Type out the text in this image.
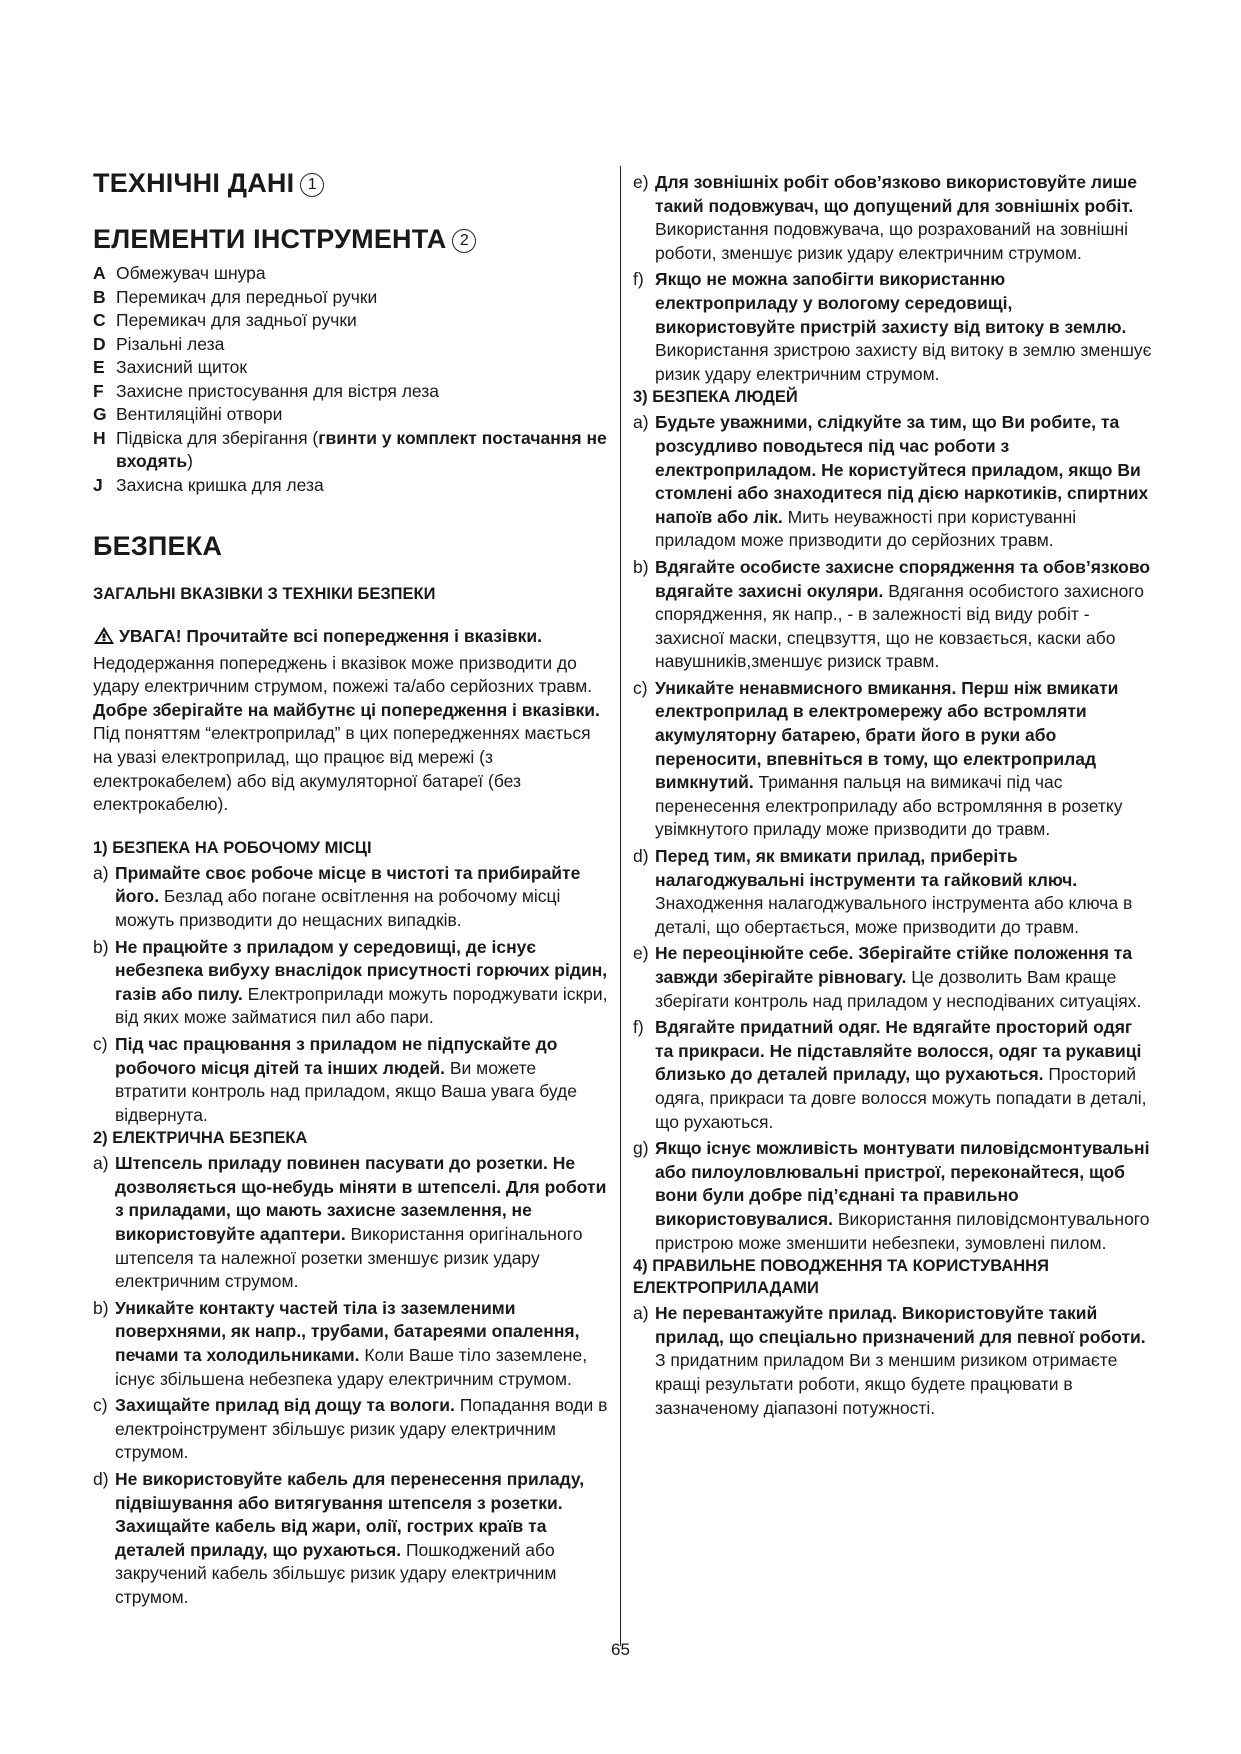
ТЕХНІЧНІ ДАНІ 1
ЕЛЕМЕНТИ ІНСТРУМЕНТА 2
A Обмежувач шнура
B Перемикач для передньої ручки
C Перемикач для задньої ручки
D Різальні леза
E Захисний щиток
F Захисне пристосування для вістря леза
G Вентиляційні отвори
H Підвіска для зберігання (гвинти у комплект постачання не входять)
J Захисна кришка для леза
БЕЗПЕКА
ЗАГАЛЬНІ ВКАЗІВКИ З ТЕХНІКИ БЕЗПЕКИ

УВАГА! Прочитайте всі попередження і вказівки. Недодержання попереджень і вказівок може призводити до удару електричним струмом, пожежі та/або серйозних травм. Добре зберігайте на майбутнє ці попередження і вказівки. Під поняттям “електроприлад” в цих попередженнях мається на увазі електроприлад, що працює від мережі (з електрокабелем) або від акумуляторної батареї (без електрокабелю).

1) БЕЗПЕКА НА РОБОЧОМУ МІСЦІ
a) Примайте своє робоче місце в чистоті та прибирайте його. Безлад або погане освітлення на робочому місці можуть призводити до нещасних випадків.
b) Не працюйте з приладом у середовищі, де існує небезпека вибуху внаслідок присутності горючих рідин, газів або пилу. Електроприлади можуть породжувати іскри, від яких може займатися пил або пари.
c) Під час працювання з приладом не підпускайте до робочого місця дітей та інших людей. Ви можете втратити контроль над приладом, якщо Ваша увага буде відвернута.
2) ЕЛЕКТРИЧНА БЕЗПЕКА
a) Штепсель приладу повинен пасувати до розетки. Не дозволяється що-небудь міняти в штепселі. Для роботи з приладами, що мають захисне заземлення, не використовуйте адаптери. Використання оригінального штепселя та належної розетки зменшує ризик удару електричним струмом.
b) Уникайте контакту частей тіла із заземленими поверхнями, як напр., трубами, батареями опалення, печами та холодильниками. Коли Ваше тіло заземлене, існує збільшена небезпека удару електричним струмом.
c) Захищайте прилад від дощу та вологи. Попадання води в електроінструмент збільшує ризик удару електричним струмом.
d) Не використовуйте кабель для перенесення приладу, підвішування або витягування штепселя з розетки. Захищайте кабель від жари, олії, гострих країв та деталей приладу, що рухаються. Пошкоджений або закручений кабель збільшує ризик удару електричним струмом.
e) Для зовнішніх робіт обов’язково використовуйте лише такий подовжувач, що допущений для зовнішніх робіт. Використання подовжувача, що розрахований на зовнішні роботи, зменшує ризик удару електричним струмом.
f) Якщо не можна запобігти використанню електроприладу у вологому середовищі, використовуйте пристрій захисту від витоку в землю. Використання зристрою захисту від витоку в землю зменшує ризик удару електричним струмом.
3) БЕЗПЕКА ЛЮДЕЙ
a) Будьте уважними, слідкуйте за тим, що Ви робите, та розсудливо поводьтеся під час роботи з електроприладом. Не користуйтеся приладом, якщо Ви стомлені або знаходитеся під дією наркотиків, спиртних напоїв або лік. Мить неуважності при користуванні приладом може призводити до серйозних травм.
b) Вдягайте особисте захисне спорядження та обов’язково вдягайте захисні окуляри. Вдягання особистого захисного спорядження, як напр., - в залежності від виду робіт - захисної маски, спецвзуття, що не ковзається, каски або навушників,зменшує ризиск травм.
c) Уникайте ненавмисного вмикання. Перш ніж вмикати електроприлад в електромережу або встромляти акумуляторну батарею, брати його в руки або переносити, впевніться в тому, що електроприлад вимкнутий. Тримання пальця на вимикачі під час перенесення електроприладу або встромляння в розетку увімкнутого приладу може призводити до травм.
d) Перед тим, як вмикати прилад, приберіть налагоджувальні інструменти та гайковий ключ. Знаходження налагоджувального інструмента або ключа в деталі, що обертається, може призводити до травм.
e) Не переоцінюйте себе. Зберігайте стійке положення та завжди зберігайте рівновагу. Це дозволить Вам краще зберігати контроль над приладом у несподіваних ситуаціях.
f) Вдягайте придатний одяг. Не вдягайте просторий одяг та прикраси. Не підставляйте волосся, одяг та рукавиці близько до деталей приладу, що рухаються. Просторий одяга, прикраси та довге волосся можуть попадати в деталі, що рухаються.
g) Якщо існує можливість монтувати пиловідсмонтувальні або пилоуловлювальні пристрої, переконайтеся, щоб вони були добре під’єднані та правильно використовувалися. Використання пиловідсмонтувального пристрою може зменшити небезпеки, зумовлені пилом.
4) ПРАВИЛЬНЕ ПОВОДЖЕННЯ ТА КОРИСТУВАННЯ ЕЛЕКТРОПРИЛАДАМИ
a) Не перевантажуйте прилад. Використовуйте такий прилад, що спеціально призначений для певної роботи. З придатним приладом Ви з меншим ризиком отримаєте кращі результати роботи, якщо будете працювати в зазначеному діапазоні потужності.
65
